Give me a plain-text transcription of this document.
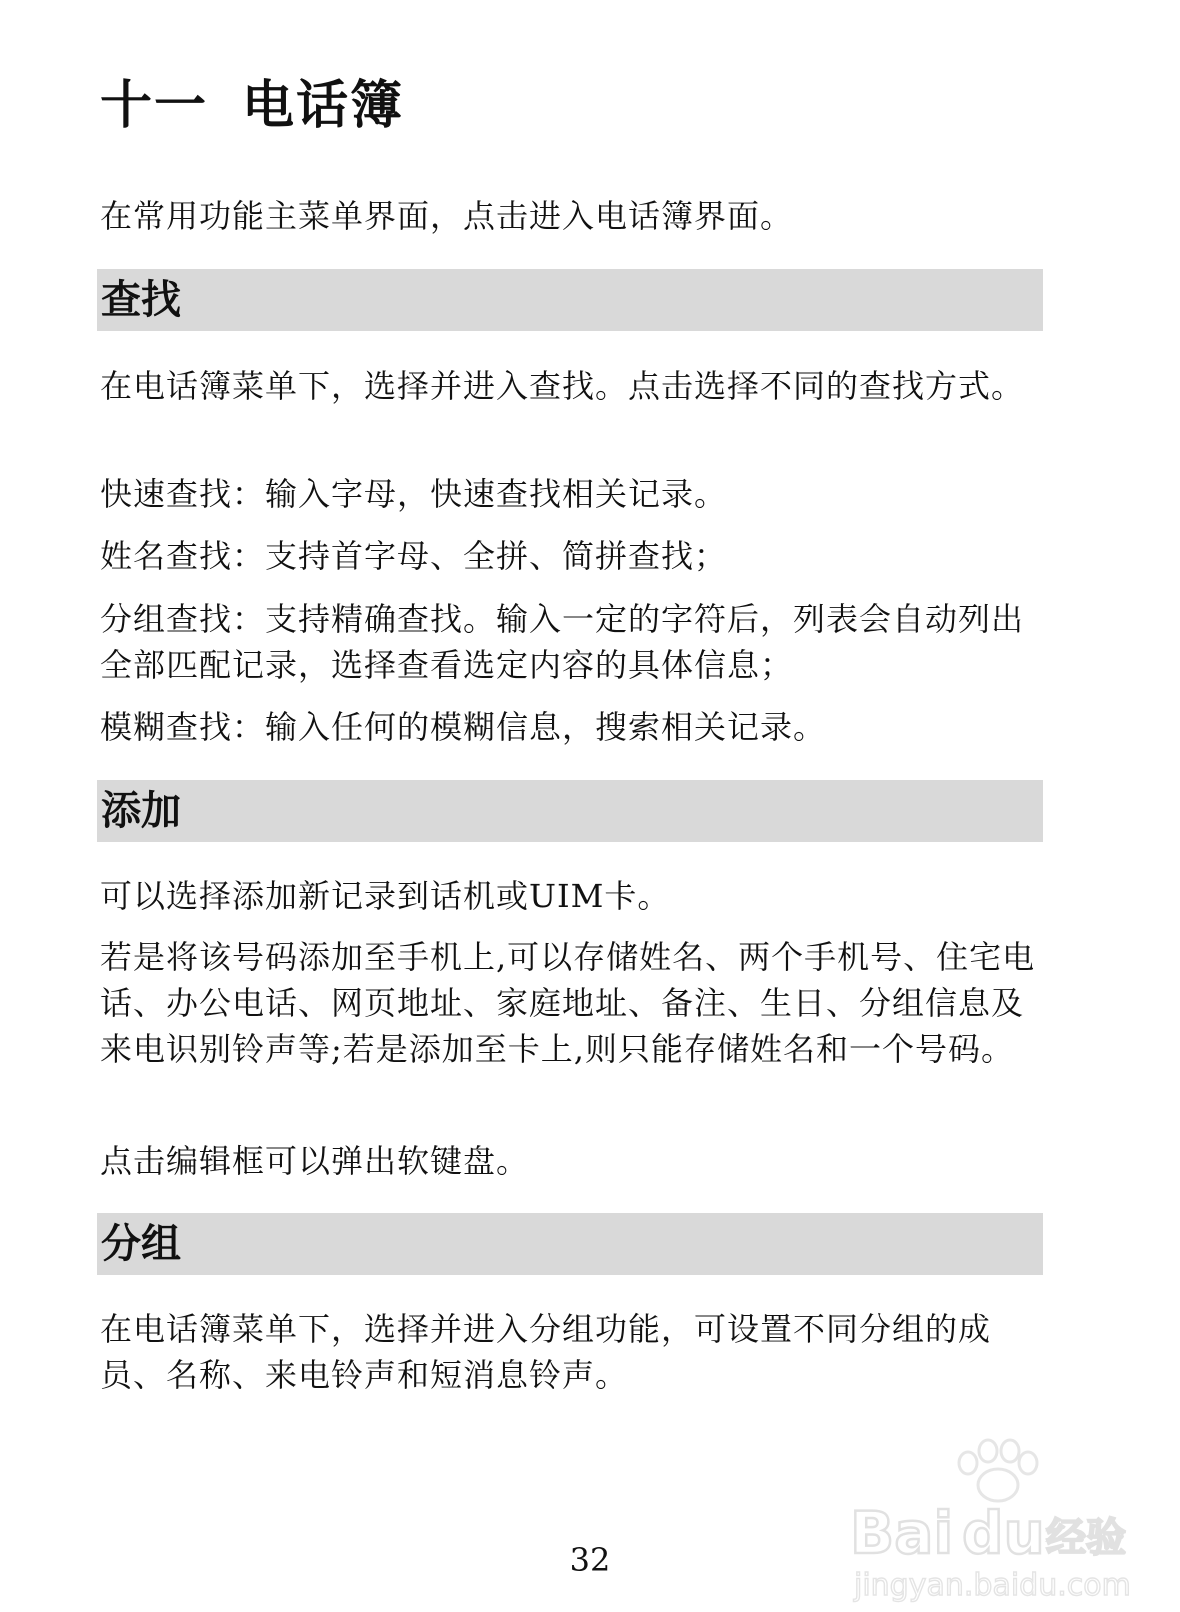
十一 电话簿

在常用功能主菜单界面，点击进入电话簿界面。

查找

在电话簿菜单下，选择并进入查找。点击选择不同的查找方式。

快速查找：输入字母，快速查找相关记录。

姓名查找：支持首字母、全拼、简拼查找；

分组查找：支持精确查找。输入一定的字符后，列表会自动列出全部匹配记录，选择查看选定内容的具体信息；

模糊查找：输入任何的模糊信息，搜索相关记录。

添加

可以选择添加新记录到话机或UIM卡。

若是将该号码添加至手机上,可以存储姓名、两个手机号、住宅电话、办公电话、网页地址、家庭地址、备注、生日、分组信息及来电识别铃声等;若是添加至卡上,则只能存储姓名和一个号码。

点击编辑框可以弹出软键盘。

分组

在电话簿菜单下，选择并进入分组功能，可设置不同分组的成员、名称、来电铃声和短消息铃声。

32	Bai du 经验
jingyan.baidu.com
